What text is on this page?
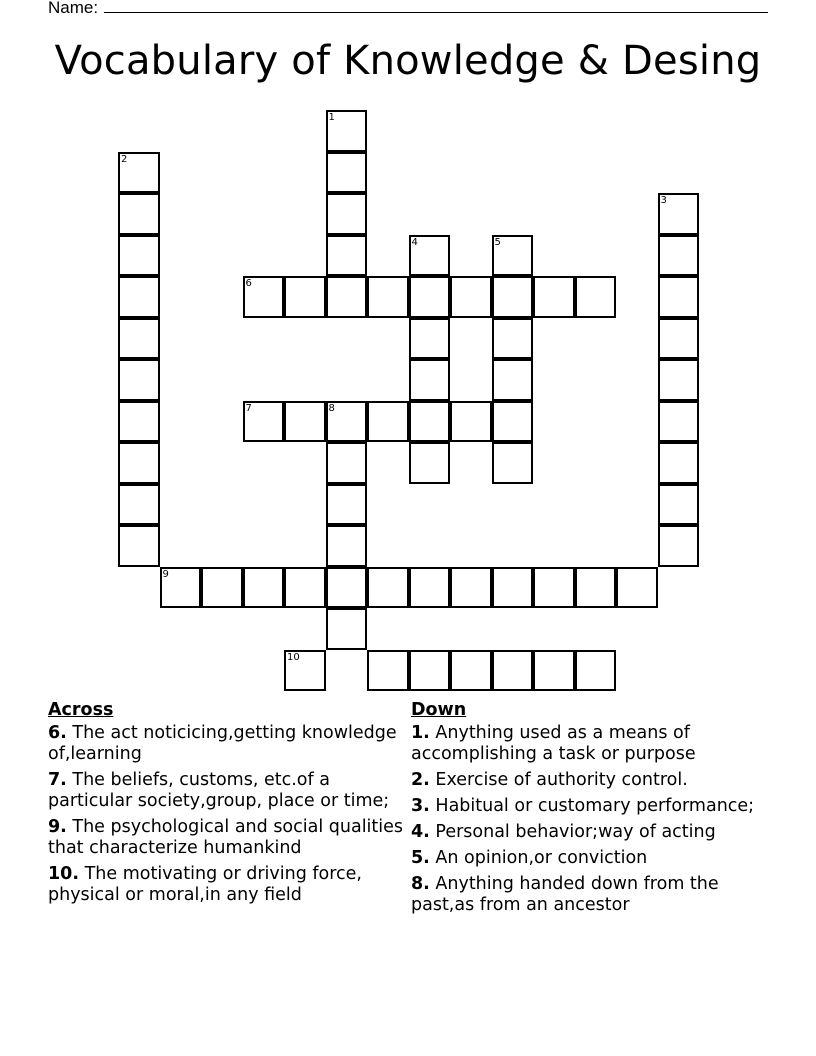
Name:
Vocabulary of Knowledge & Desing
1
2
3
4	5
6
7	8
9
10
Across
6. The act noticicing,getting knowledge of,learning
7. The beliefs, customs, etc.of a particular society,group, place or time;
9. The psychological and social qualities that characterize humankind
10. The motivating or driving force, physical or moral,in any field
Down
1. Anything used as a means of accomplishing a task or purpose
2. Exercise of authority control.
3. Habitual or customary performance;
4. Personal behavior;way of acting
5. An opinion,or conviction
8. Anything handed down from the past,as from an ancestor
